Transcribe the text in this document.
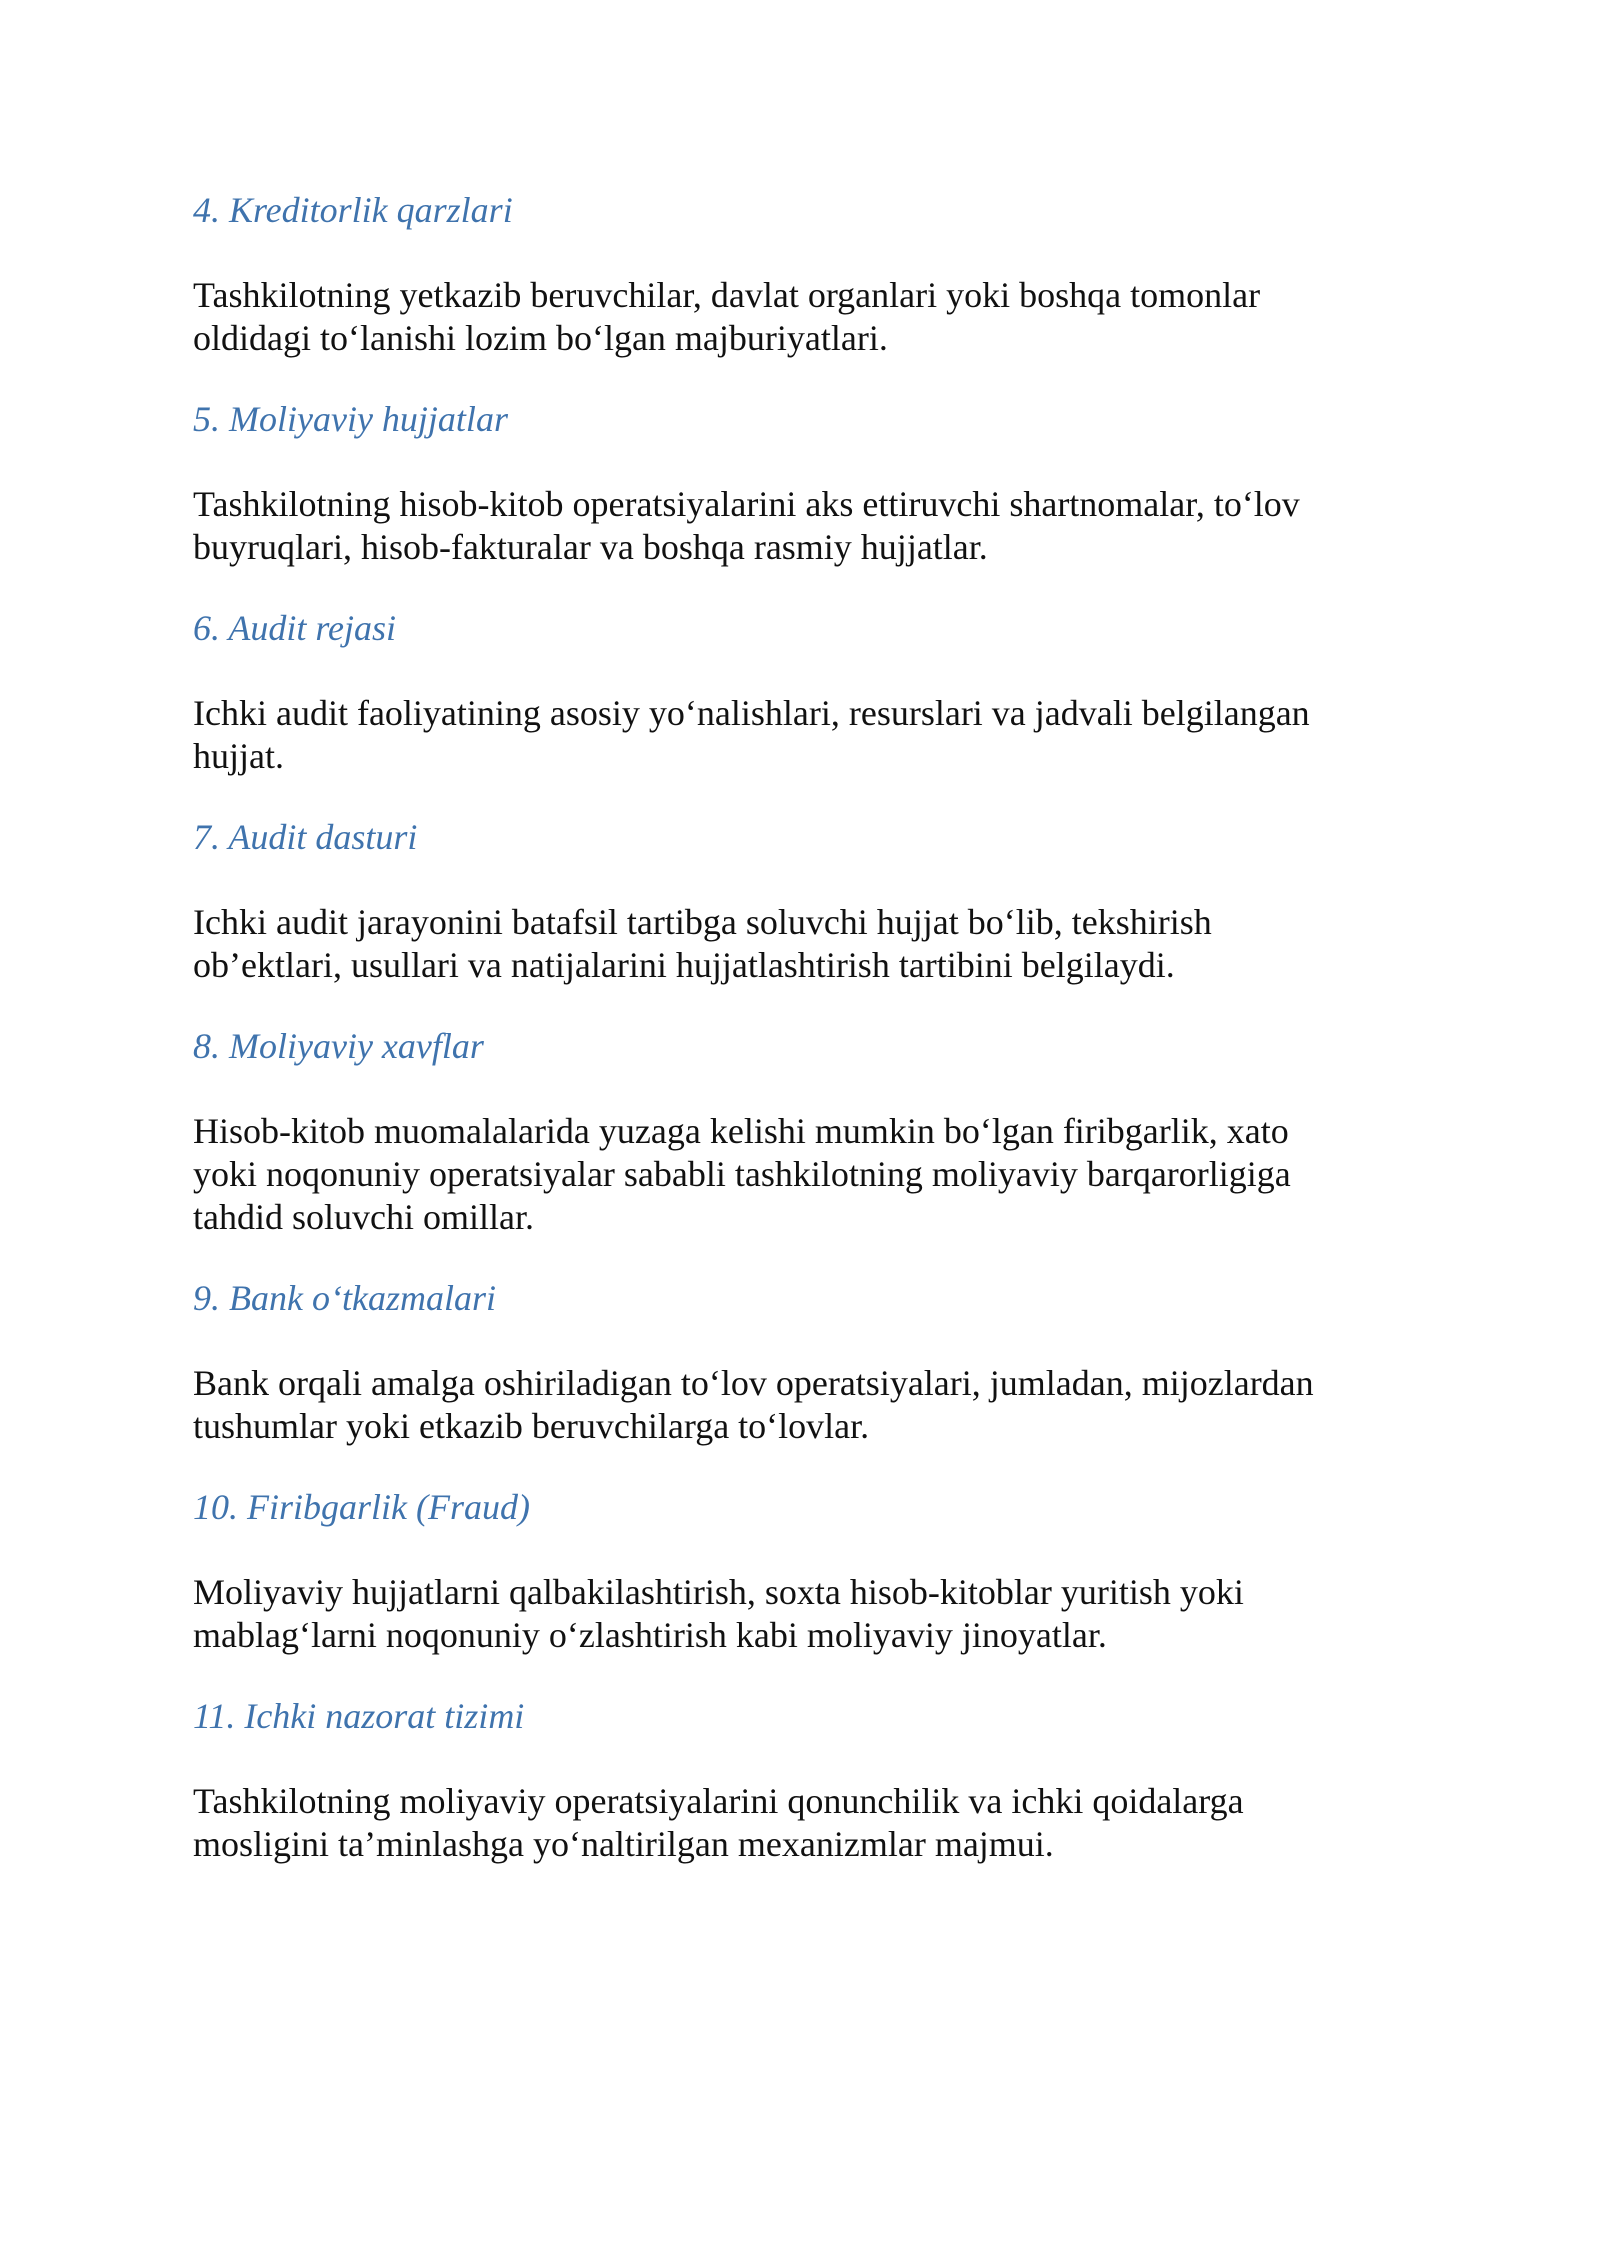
4. Kreditorlik qarzlari

Tashkilotning yetkazib beruvchilar, davlat organlari yoki boshqa tomonlar
oldidagi to‘lanishi lozim bo‘lgan majburiyatlari.

5. Moliyaviy hujjatlar

Tashkilotning hisob-kitob operatsiyalarini aks ettiruvchi shartnomalar, to‘lov
buyruqlari, hisob-fakturalar va boshqa rasmiy hujjatlar.

6. Audit rejasi

Ichki audit faoliyatining asosiy yo‘nalishlari, resurslari va jadvali belgilangan
hujjat.

7. Audit dasturi

Ichki audit jarayonini batafsil tartibga soluvchi hujjat bo‘lib, tekshirish
ob’ektlari, usullari va natijalarini hujjatlashtirish tartibini belgilaydi.

8. Moliyaviy xavflar

Hisob-kitob muomalalarida yuzaga kelishi mumkin bo‘lgan firibgarlik, xato
yoki noqonuniy operatsiyalar sababli tashkilotning moliyaviy barqarorligiga
tahdid soluvchi omillar.

9. Bank o‘tkazmalari

Bank orqali amalga oshiriladigan to‘lov operatsiyalari, jumladan, mijozlardan
tushumlar yoki etkazib beruvchilarga to‘lovlar.

10. Firibgarlik (Fraud)

Moliyaviy hujjatlarni qalbakilashtirish, soxta hisob-kitoblar yuritish yoki
mablag‘larni noqonuniy o‘zlashtirish kabi moliyaviy jinoyatlar.

11. Ichki nazorat tizimi

Tashkilotning moliyaviy operatsiyalarini qonunchilik va ichki qoidalarga
mosligini ta’minlashga yo‘naltirilgan mexanizmlar majmui.
